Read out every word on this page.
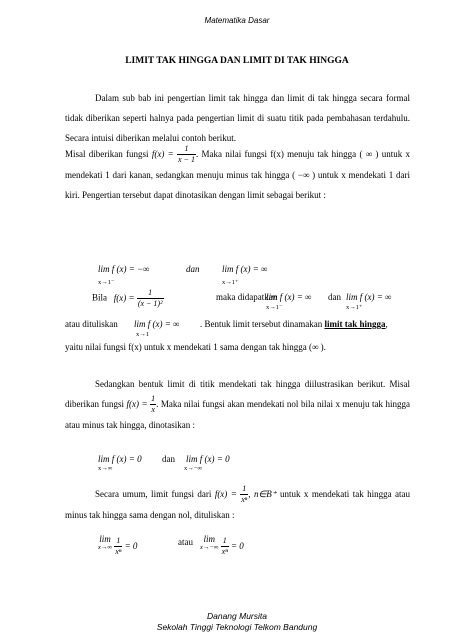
Matematika Dasar
LIMIT TAK HINGGA DAN LIMIT DI TAK HINGGA
Dalam sub bab ini pengertian limit tak hingga dan limit di tak hingga secara formal tidak diberikan seperti halnya pada pengertian limit di suatu titik pada pembahasan terdahulu. Secara intuisi diberikan melalui contoh berikut.
Misal diberikan fungsi $f(x) = \frac{1}{x - 1}$ . Maka nilai fungsi f(x) menuju tak hingga ( ∞ ) untuk x mendekati 1 dari kanan, sedangkan menuju minus tak hingga ( −∞ ) untuk x mendekati 1 dari kiri. Pengertian tersebut dapat dinotasikan dengan limit sebagai berikut :
lim f (x) = −∞
x→1⁻
dan	lim f (x) = ∞
x→1⁺
Bila $f(x) = \frac{1}{\text{(x − 1)²}}$	maka didapatkan
lim f (x) = ∞
x→1⁻
dan lim f (x) = ∞
x→1⁺
atau dituliskan lim f (x) = ∞
x→1
. Bentuk limit tersebut dinamakan limit tak hingga,
yaitu nilai fungsi f(x) untuk x mendekati 1 sama dengan tak hingga (∞ ).
Sedangkan bentuk limit di titik mendekati tak hingga diilustrasikan berikut. Misal diberikan fungsi $f(x) = \frac{1}{x}$ . Maka nilai fungsi akan mendekati nol bila nilai x menuju tak hingga atau minus tak hingga, dinotasikan :
lim f (x) = 0
x→∞
dan lim f (x) = 0
x→−∞
Secara umum, limit fungsi dari $f(x) = \frac{1}{\text{xⁿ}}$ , n∈B⁺ untuk x mendekati tak hingga atau minus tak hingga sama dengan nol, dituliskan :
lim
x→∞
$\frac{1}{\text{xⁿ}} = 0$	atau	lim
x→−∞
$\frac{1}{\text{xⁿ}} = 0$
Danang Mursita
Sekolah Tinggi Teknologi Telkom Bandung
